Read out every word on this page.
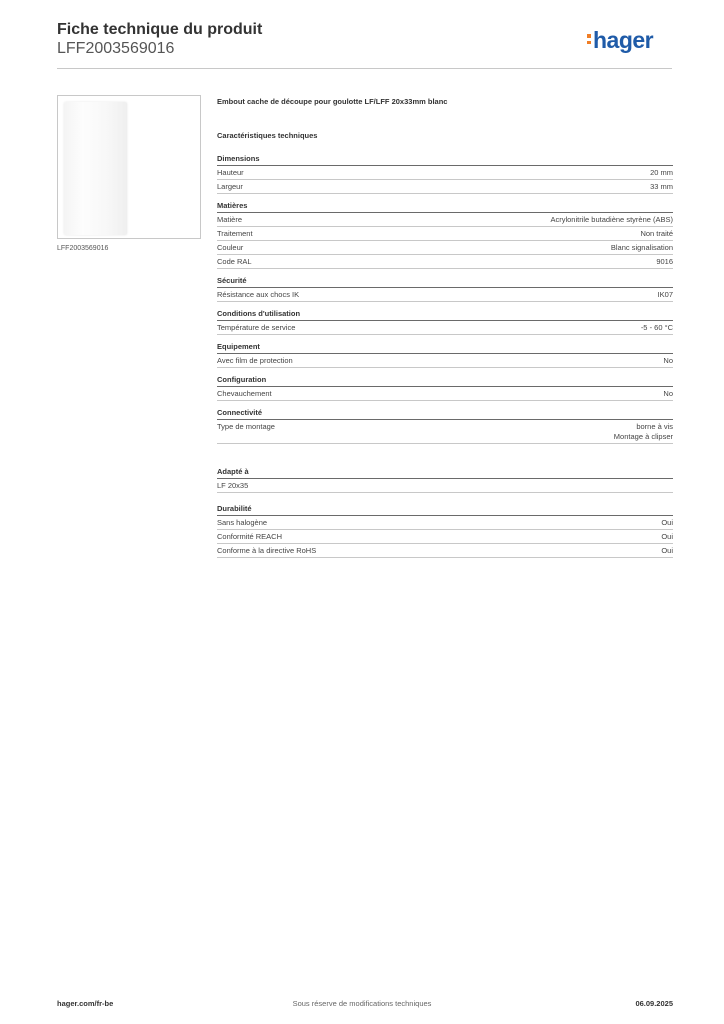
Fiche technique du produit
LFF2003569016	hager
LFF2003569016
Embout cache de découpe pour goulotte LF/LFF 20x33mm blanc
Caractéristiques techniques
Dimensions
Hauteur	20 mm
Largeur	33 mm
Matières
Matière	Acrylonitrile butadiène styrène (ABS)
Traitement	Non traité
Couleur	Blanc signalisation
Code RAL	9016
Sécurité
Résistance aux chocs IK	IK07
Conditions d'utilisation
Température de service	-5 - 60 °C
Equipement
Avec film de protection	No
Configuration
Chevauchement	No
Connectivité
Type de montage	borne à vis
Montage à clipser
Adapté à
LF 20x35
Durabilité
Sans halogène	Oui
Conformité REACH	Oui
Conforme à la directive RoHS	Oui
Sous réserve de modifications techniques
hager.com/fr-be	06.09.2025
